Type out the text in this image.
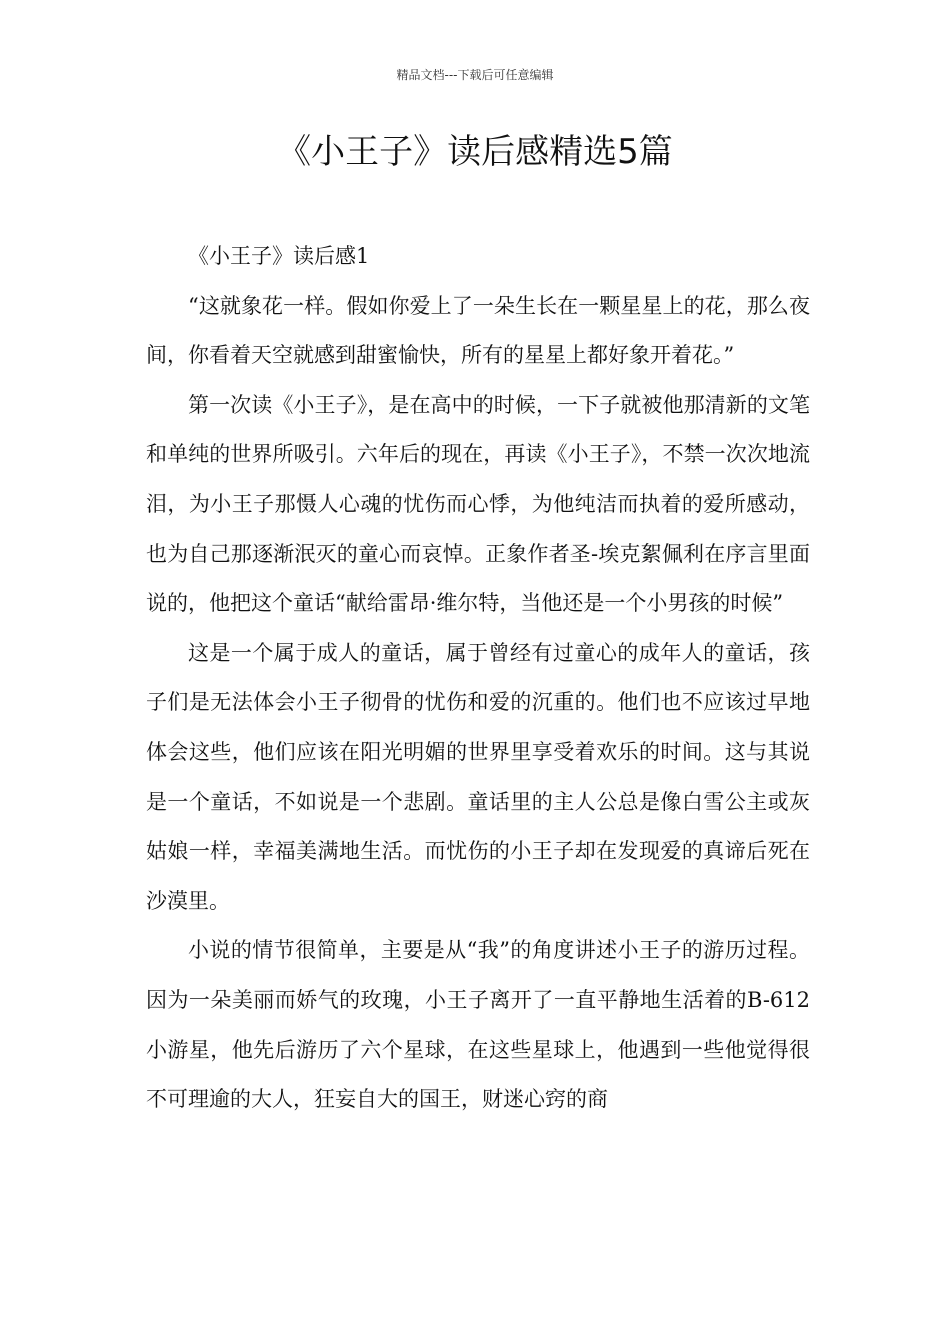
精品文档---下载后可任意编辑
《小王子》读后感精选5篇
《小王子》读后感1

“这就象花一样。假如你爱上了一朵生长在一颗星星上的花，那么夜间，你看着天空就感到甜蜜愉快，所有的星星上都好象开着花。”

第一次读《小王子》，是在高中的时候，一下子就被他那清新的文笔和单纯的世界所吸引。六年后的现在，再读《小王子》，不禁一次次地流泪，为小王子那慑人心魂的忧伤而心悸，为他纯洁而执着的爱所感动，也为自己那逐渐泯灭的童心而哀悼。正象作者圣-埃克絮佩利在序言里面说的，他把这个童话“献给雷昂·维尔特，当他还是一个小男孩的时候”

这是一个属于成人的童话，属于曾经有过童心的成年人的童话，孩子们是无法体会小王子彻骨的忧伤和爱的沉重的。他们也不应该过早地体会这些，他们应该在阳光明媚的世界里享受着欢乐的时间。这与其说是一个童话，不如说是一个悲剧。童话里的主人公总是像白雪公主或灰姑娘一样，幸福美满地生活。而忧伤的小王子却在发现爱的真谛后死在沙漠里。

小说的情节很简单，主要是从“我”的角度讲述小王子的游历过程。因为一朵美丽而娇气的玫瑰，小王子离开了一直平静地生活着的B-612小游星，他先后游历了六个星球，在这些星球上，他遇到一些他觉得很不可理逾的大人，狂妄自大的国王，财迷心窍的商
